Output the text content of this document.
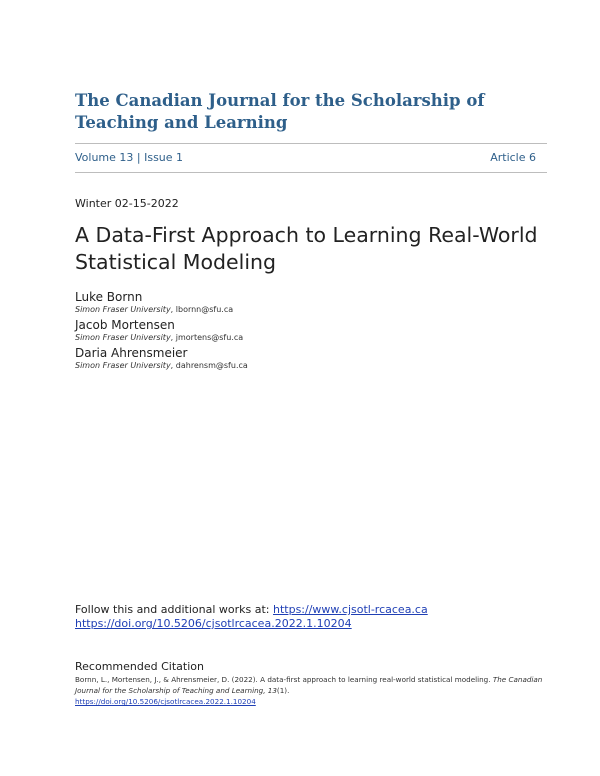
The Canadian Journal for the Scholarship of Teaching and Learning
Volume 13 | Issue 1	Article 6
Winter 02-15-2022
A Data-First Approach to Learning Real-World Statistical Modeling
Luke Bornn
Simon Fraser University, lbornn@sfu.ca
Jacob Mortensen
Simon Fraser University, jmortens@sfu.ca
Daria Ahrensmeier
Simon Fraser University, dahrensm@sfu.ca
Follow this and additional works at: https://www.cjsotl-rcacea.ca
https://doi.org/10.5206/cjsotlrcacea.2022.1.10204
Recommended Citation
Bornn, L., Mortensen, J., & Ahrensmeier, D. (2022). A data-first approach to learning real-world statistical modeling. The Canadian Journal for the Scholarship of Teaching and Learning, 13(1).
https://doi.org/10.5206/cjsotlrcacea.2022.1.10204
